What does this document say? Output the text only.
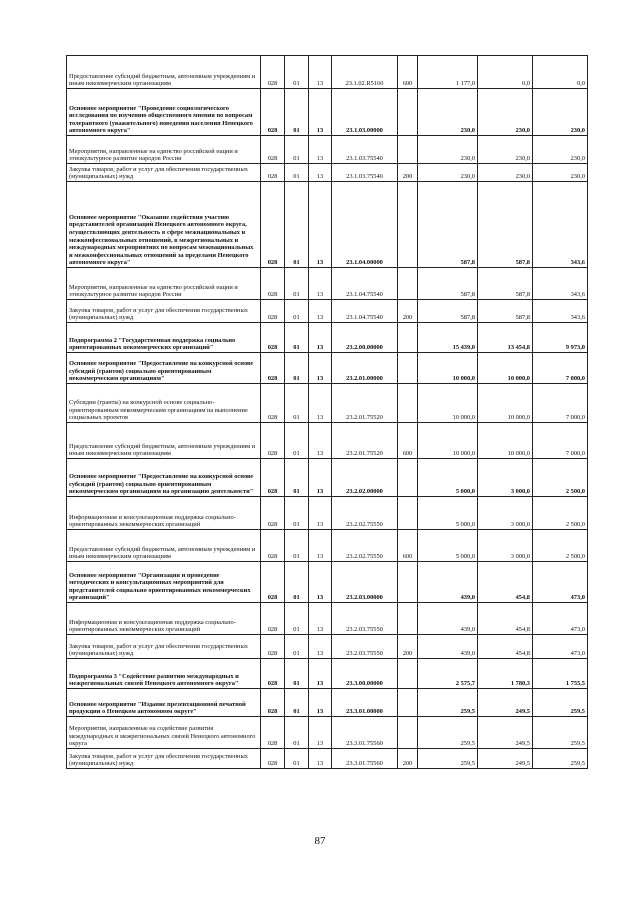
Предоставление субсидий бюджетным, автономным учреждениям и иным некоммерческим организациям	028	01	13	23.1.02.R5160	600	1 177,0	0,0	0,0
Основное мероприятие "Проведение социологического исследования по изучению общественного мнения по вопросам толерантного (уважительного) поведения населения Ненецкого автономного округа"	028	01	13	23.1.03.00000		230,0	230,0	230,0
Мероприятия, направленные на единство российской нации и этнокультурное развитие народов России	028	01	13	23.1.03.75540		230,0	230,0	230,0
Закупка товаров, работ и услуг для обеспечения государственных (муниципальных) нужд	028	01	13	23.1.03.75540	200	230,0	230,0	230,0
Основное мероприятие "Оказание содействия участию представителей организаций Ненецкого автономного округа, осуществляющих деятельность в сфере межнациональных и межконфессиональных отношений, в межрегиональных и международных мероприятиях по вопросам межнациональных и межконфессиональных отношений за пределами Ненецкого автономного округа"	028	01	13	23.1.04.00000		587,8	587,8	343,6
Мероприятия, направленные на единство российской нации и этнокультурное развитие народов России	028	01	13	23.1.04.75540		587,8	587,8	343,6
Закупка товаров, работ и услуг для обеспечения государственных (муниципальных) нужд	028	01	13	23.1.04.75540	200	587,8	587,8	343,6
Подпрограмма 2 "Государственная поддержка социально ориентированных некоммерческих организаций"	028	01	13	23.2.00.00000		15 439,0	13 454,8	9 973,0
Основное мероприятие "Предоставление на конкурсной основе субсидий (грантов) социально ориентированным некоммерческим организациям"	028	01	13	23.2.01.00000		10 000,0	10 000,0	7 000,0
Субсидии (гранты) на конкурсной основе социально-ориентированным некоммерческим организациям на выполнение социальных проектов	028	01	13	23.2.01.75520		10 000,0	10 000,0	7 000,0
Предоставление субсидий бюджетным, автономным учреждениям и иным некоммерческим организациям	028	01	13	23.2.01.75520	600	10 000,0	10 000,0	7 000,0
Основное мероприятие "Предоставление на конкурсной основе субсидий (грантов) социально ориентированным некоммерческим организациям на организацию деятельности"	028	01	13	23.2.02.00000		5 000,0	3 000,0	2 500,0
Информационная и консультационная поддержка социально-ориентированных некоммерческих организаций	028	01	13	23.2.02.75550		5 000,0	3 000,0	2 500,0
Предоставление субсидий бюджетным, автономным учреждениям и иным некоммерческим организациям	028	01	13	23.2.02.75550	600	5 000,0	3 000,0	2 500,0
Основное мероприятие "Организация и проведение методических и консультационных мероприятий для представителей социально ориентированных некоммерческих организаций"	028	01	13	23.2.03.00000		439,0	454,8	473,0
Информационная и консультационная поддержка социально-ориентированных некоммерческих организаций	028	01	13	23.2.03.75550		439,0	454,8	473,0
Закупка товаров, работ и услуг для обеспечения государственных (муниципальных) нужд	028	01	13	23.2.03.75550	200	439,0	454,8	473,0
Подпрограмма 3 "Содействие развитию международных и межрегиональных связей Ненецкого автономного округа"	028	01	13	23.3.00.00000		2 575,7	1 780,3	1 755,5
Основное мероприятие "Издание презентационной печатной продукции о Ненецком автономном округе"	028	01	13	23.3.01.00000		259,5	249,5	259,5
Мероприятия, направленные на содействие развития международных и межрегиональных связей Ненецкого автономного округа	028	01	13	23.3.01.75560		259,5	249,5	259,5
Закупка товаров, работ и услуг для обеспечения государственных (муниципальных) нужд	028	01	13	23.3.01.75560	200	259,5	249,5	259,5
87
